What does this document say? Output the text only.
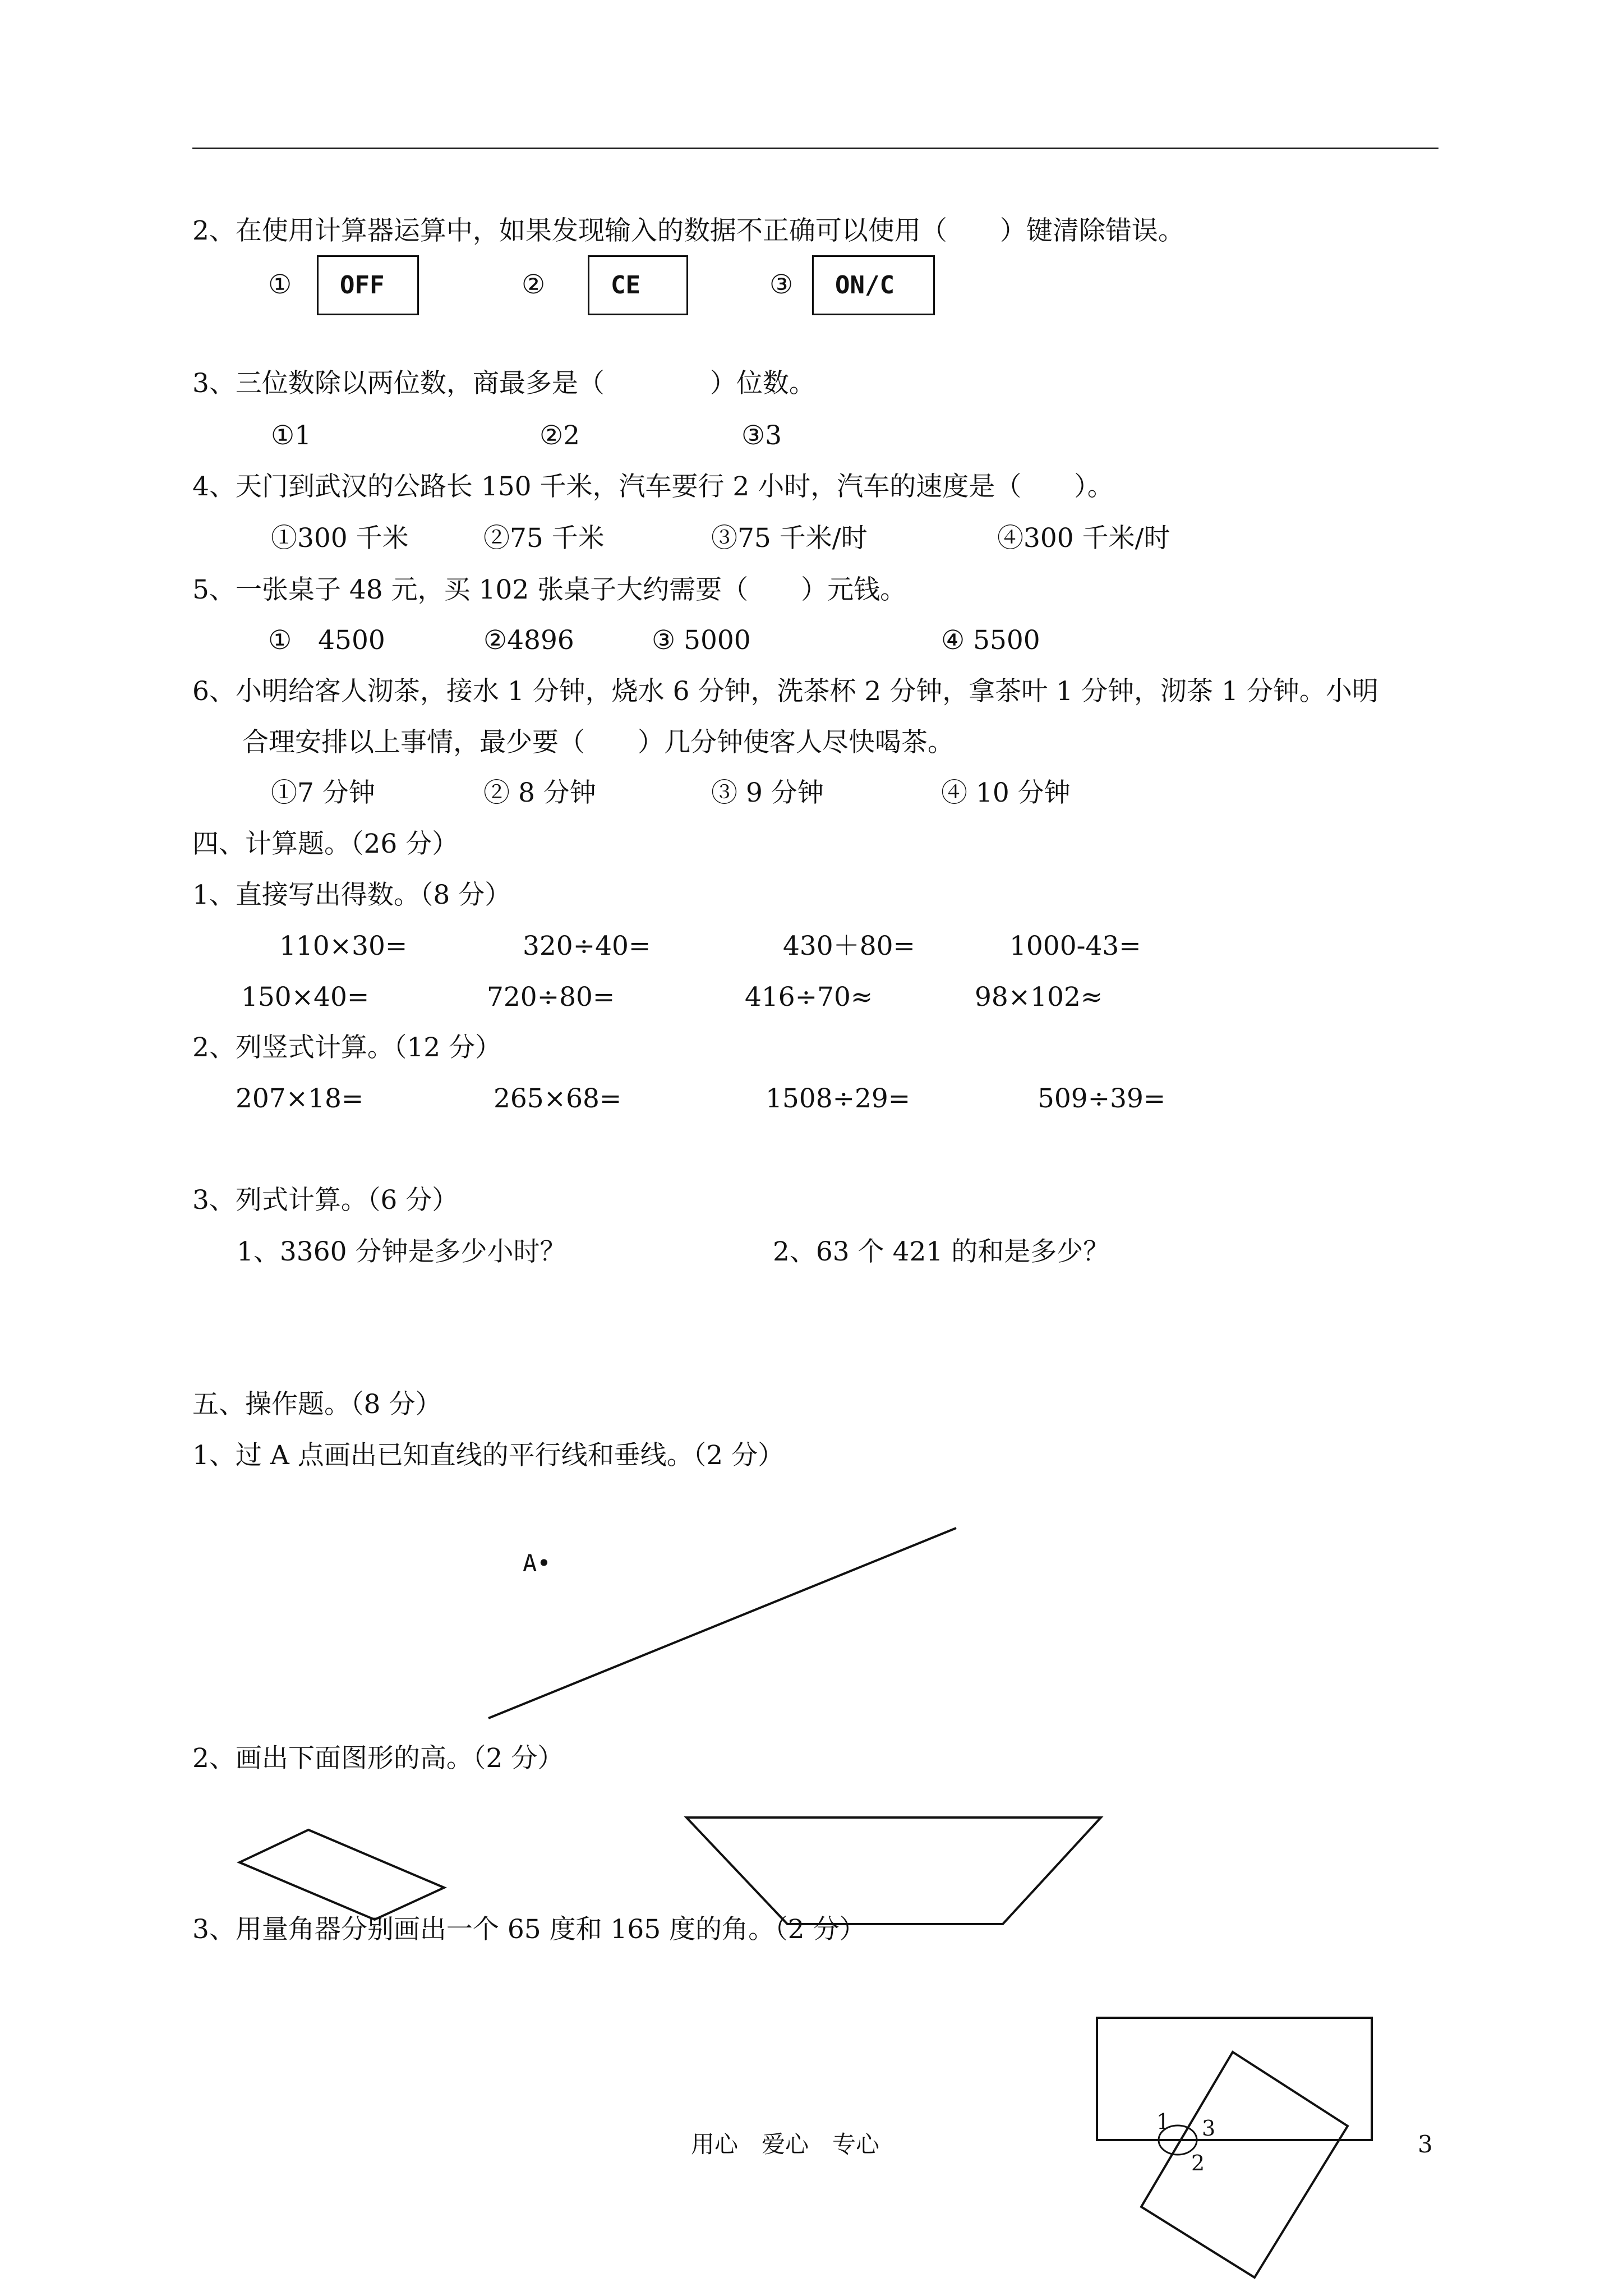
2、在使用计算器运算中，如果发现输入的数据不正确可以使用（　　）键清除错误。
①	OFF	②	CE	③	ON/C
3、三位数除以两位数，商最多是（　　　　）位数。
①1	②2	③3
4、天门到武汉的公路长 150 千米，汽车要行 2 小时，汽车的速度是（　　）。
①300 千米	②75 千米	③75 千米/时	④300 千米/时
5、一张桌子 48 元，买 102 张桌子大约需要（　　）元钱。
①　4500	②4896	③ 5000	④ 5500
6、小明给客人沏茶，接水 1 分钟，烧水 6 分钟，洗茶杯 2 分钟，拿茶叶 1 分钟，沏茶 1 分钟。小明
合理安排以上事情，最少要（　　）几分钟使客人尽快喝茶。
①7 分钟	② 8 分钟	③ 9 分钟	④ 10 分钟
四、计算题。（26 分）
1、直接写出得数。（8 分）
110×30=	320÷40=	430＋80=	1000-43=
150×40=	720÷80=	416÷70≈	98×102≈
2、列竖式计算。（12 分）
207×18=	265×68=	1508÷29=	509÷39=
3、列式计算。（6 分）
1、3360 分钟是多少小时？	2、63 个 421 的和是多少？
五、操作题。（8 分）
1、过 A 点画出已知直线的平行线和垂线。（2 分）
A•
2、画出下面图形的高。（2 分）
3、用量角器分别画出一个 65 度和 165 度的角。（2 分）
1 3
2
用心　爱心　专心	3
